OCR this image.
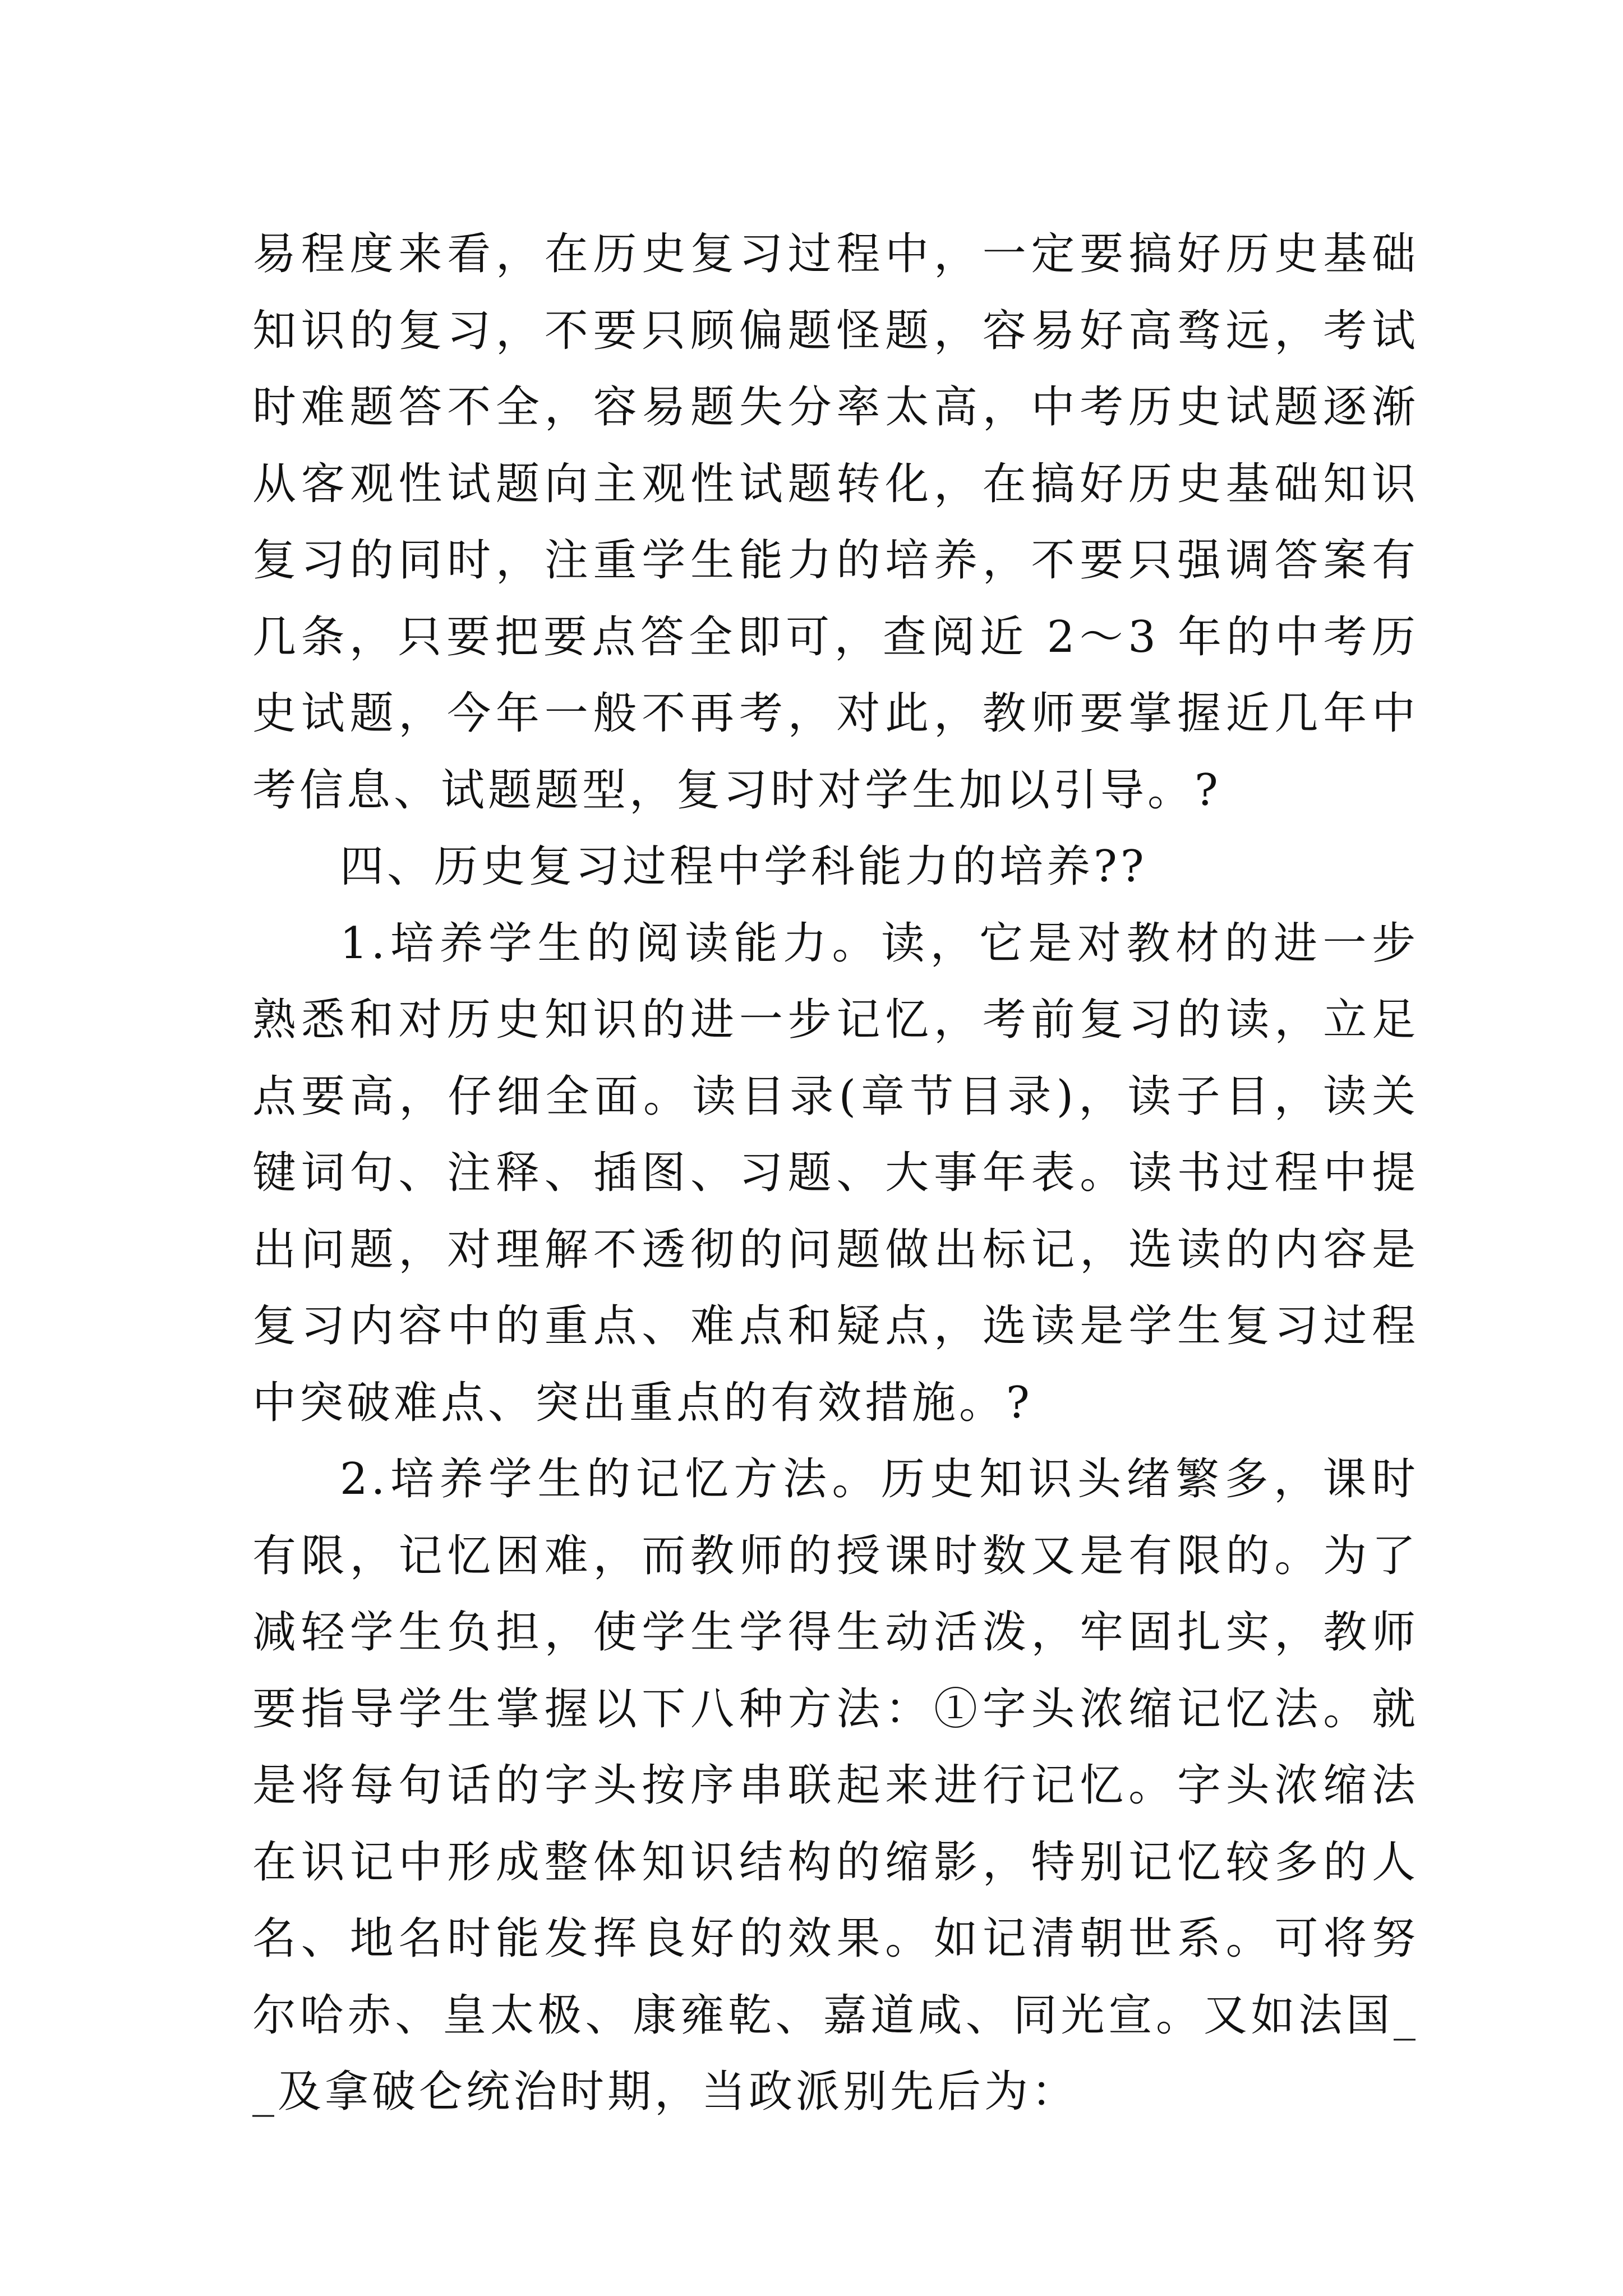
易程度来看，在历史复习过程中，一定要搞好历史基础知识的复习，不要只顾偏题怪题，容易好高骛远，考试时难题答不全，容易题失分率太高，中考历史试题逐渐从客观性试题向主观性试题转化，在搞好历史基础知识复习的同时，注重学生能力的培养，不要只强调答案有几条，只要把要点答全即可，查阅近 2～3 年的中考历史试题，今年一般不再考，对此，教师要掌握近几年中考信息、试题题型，复习时对学生加以引导。?

四、历史复习过程中学科能力的培养??

1.培养学生的阅读能力。读，它是对教材的进一步熟悉和对历史知识的进一步记忆，考前复习的读，立足点要高，仔细全面。读目录(章节目录)，读子目，读关键词句、注释、插图、习题、大事年表。读书过程中提出问题，对理解不透彻的问题做出标记，选读的内容是复习内容中的重点、难点和疑点，选读是学生复习过程中突破难点、突出重点的有效措施。?

2.培养学生的记忆方法。历史知识头绪繁多，课时有限，记忆困难，而教师的授课时数又是有限的。为了减轻学生负担，使学生学得生动活泼，牢固扎实，教师要指导学生掌握以下八种方法：①字头浓缩记忆法。就是将每句话的字头按序串联起来进行记忆。字头浓缩法在识记中形成整体知识结构的缩影，特别记忆较多的人名、地名时能发挥良好的效果。如记清朝世系。可将努尔哈赤、皇太极、康雍乾、嘉道咸、同光宣。又如法国__及拿破仑统治时期，当政派别先后为：
